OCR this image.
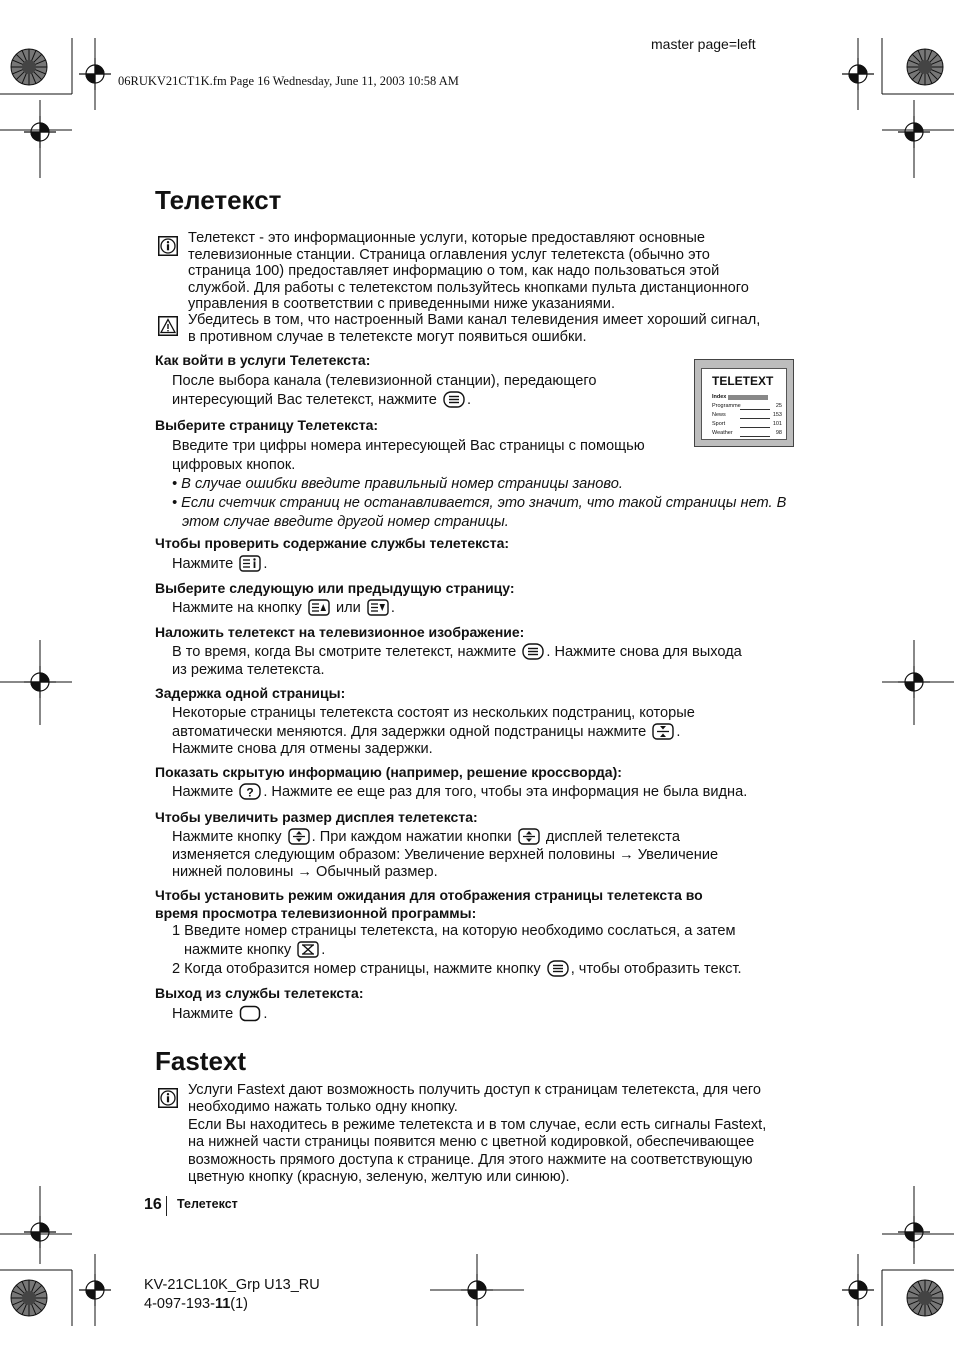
06RUKV21CT1K.fm Page 16 Wednesday, June 11, 2003 10:58 AM
master page=left
Телетекст
Телетекст - это информационные услуги, которые предоставляют основные
телевизионные станции. Страница оглавления услуг телетекста (обычно это
страница 100) предоставляет информацию о том, как надо пользоваться этой
службой. Для работы с телетекстом пользуйтесь кнопками пульта дистанционного
управления в соответствии с приведенными ниже указаниями.
Убедитесь в том, что настроенный Вами канал телевидения имеет хороший сигнал,
в противном случае в телетексте могут появиться ошибки.
Как войти в услуги Телетекста:
После выбора канала (телевизионной станции), передающего
интересующий Вас телетекст, нажмите .
TELETEXT
Index
Programme	25
News	153
Sport	101
Weather	98
Выберите страницу Телетекста:
Введите три цифры номера интересующей Вас страницы с помощью
цифровых кнопок.
• В случае ошибки введите правильный номер страницы заново.
• Если счетчик страниц не останавливается, это значит, что такой страницы нет. В
этом случае введите другой номер страницы.
Чтобы проверить содержание службы телетекста:
Нажмите .
Выберите следующую или предыдущую страницу:
Нажмите на кнопку или .
Наложить телетекст на телевизионное изображение:
В то время, когда Вы смотрите телетекст, нажмите . Нажмите снова для выхода
из режима телетекста.
Задержка одной страницы:
Некоторые страницы телетекста состоят из нескольких подстраниц, которые
автоматически меняются. Для задержки одной подстраницы нажмите .
Нажмите снова для отмены задержки.
Показать скрытую информацию (например, решение кроссворда):
Нажмите ? . Нажмите ее еще раз для того, чтобы эта информация не была видна.
Чтобы увеличить размер дисплея телетекста:
Нажмите кнопку . При каждом нажатии кнопки дисплей телетекста
изменяется следующим образом: Увеличение верхней половины → Увеличение
нижней половины → Обычный размер.
Чтобы установить режим ожидания для отображения страницы телетекста во
время просмотра телевизионной программы:
1 Введите номер страницы телетекста, на которую необходимо сослаться, а затем
нажмите кнопку .
2 Когда отобразится номер страницы, нажмите кнопку , чтобы отобразить текст.
Выход из службы телетекста:
Нажмите .
Fastext
Услуги Fastext дают возможность получить доступ к страницам телетекста, для чего
необходимо нажать только одну кнопку.
Если Вы находитесь в режиме телетекста и в том случае, если есть сигналы Fastext,
на нижней части страницы появится меню с цветной кодировкой, обеспечивающее
возможность прямого доступа к странице. Для этого нажмите на соответствующую
цветную кнопку (красную, зеленую, желтую или синюю).
16 Телетекст
KV-21CL10K_Grp U13_RU
4-097-193-11(1)
